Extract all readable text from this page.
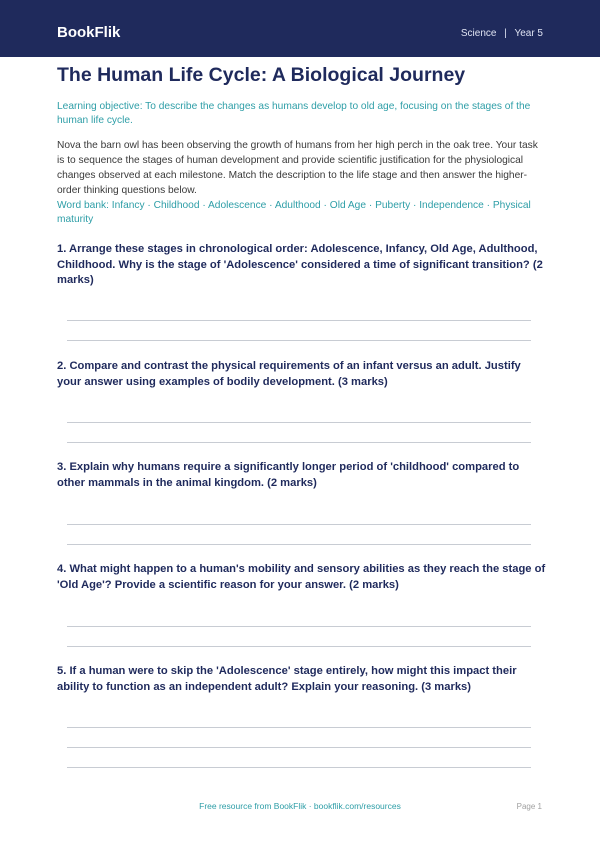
BookFlik	Science | Year 5
The Human Life Cycle: A Biological Journey
Learning objective: To describe the changes as humans develop to old age, focusing on the stages of the human life cycle.
Nova the barn owl has been observing the growth of humans from her high perch in the oak tree. Your task is to sequence the stages of human development and provide scientific justification for the physiological changes observed at each milestone. Match the description to the life stage and then answer the higher-order thinking questions below.
Word bank: Infancy · Childhood · Adolescence · Adulthood · Old Age · Puberty · Independence · Physical maturity
1. Arrange these stages in chronological order: Adolescence, Infancy, Old Age, Adulthood, Childhood. Why is the stage of 'Adolescence' considered a time of significant transition? (2 marks)
2. Compare and contrast the physical requirements of an infant versus an adult. Justify your answer using examples of bodily development. (3 marks)
3. Explain why humans require a significantly longer period of 'childhood' compared to other mammals in the animal kingdom. (2 marks)
4. What might happen to a human's mobility and sensory abilities as they reach the stage of 'Old Age'? Provide a scientific reason for your answer. (2 marks)
5. If a human were to skip the 'Adolescence' stage entirely, how might this impact their ability to function as an independent adult? Explain your reasoning. (3 marks)
Free resource from BookFlik · bookflik.com/resources	Page 1
